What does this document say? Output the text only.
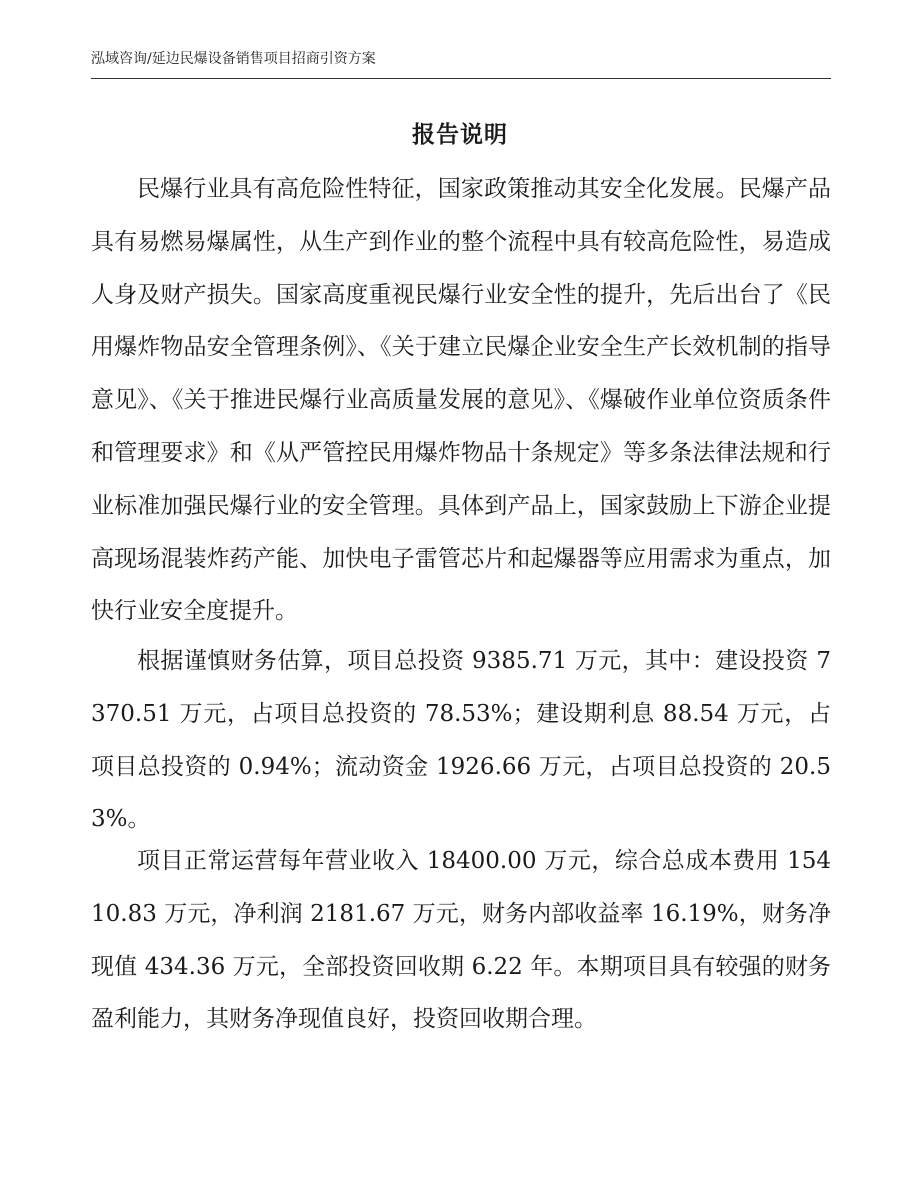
泓域咨询/延边民爆设备销售项目招商引资方案
报告说明

民爆行业具有高危险性特征，国家政策推动其安全化发展。民爆产品具有易燃易爆属性，从生产到作业的整个流程中具有较高危险性，易造成人身及财产损失。国家高度重视民爆行业安全性的提升，先后出台了《民用爆炸物品安全管理条例》、《关于建立民爆企业安全生产长效机制的指导意见》、《关于推进民爆行业高质量发展的意见》、《爆破作业单位资质条件和管理要求》和《从严管控民用爆炸物品十条规定》等多条法律法规和行业标准加强民爆行业的安全管理。具体到产品上，国家鼓励上下游企业提高现场混装炸药产能、加快电子雷管芯片和起爆器等应用需求为重点，加快行业安全度提升。

根据谨慎财务估算，项目总投资 9385.71 万元，其中：建设投资 7370.51 万元，占项目总投资的 78.53%；建设期利息 88.54 万元，占项目总投资的 0.94%；流动资金 1926.66 万元，占项目总投资的 20.53%。

项目正常运营每年营业收入 18400.00 万元，综合总成本费用 15410.83 万元，净利润 2181.67 万元，财务内部收益率 16.19%，财务净现值 434.36 万元，全部投资回收期 6.22 年。本期项目具有较强的财务盈利能力，其财务净现值良好，投资回收期合理。
